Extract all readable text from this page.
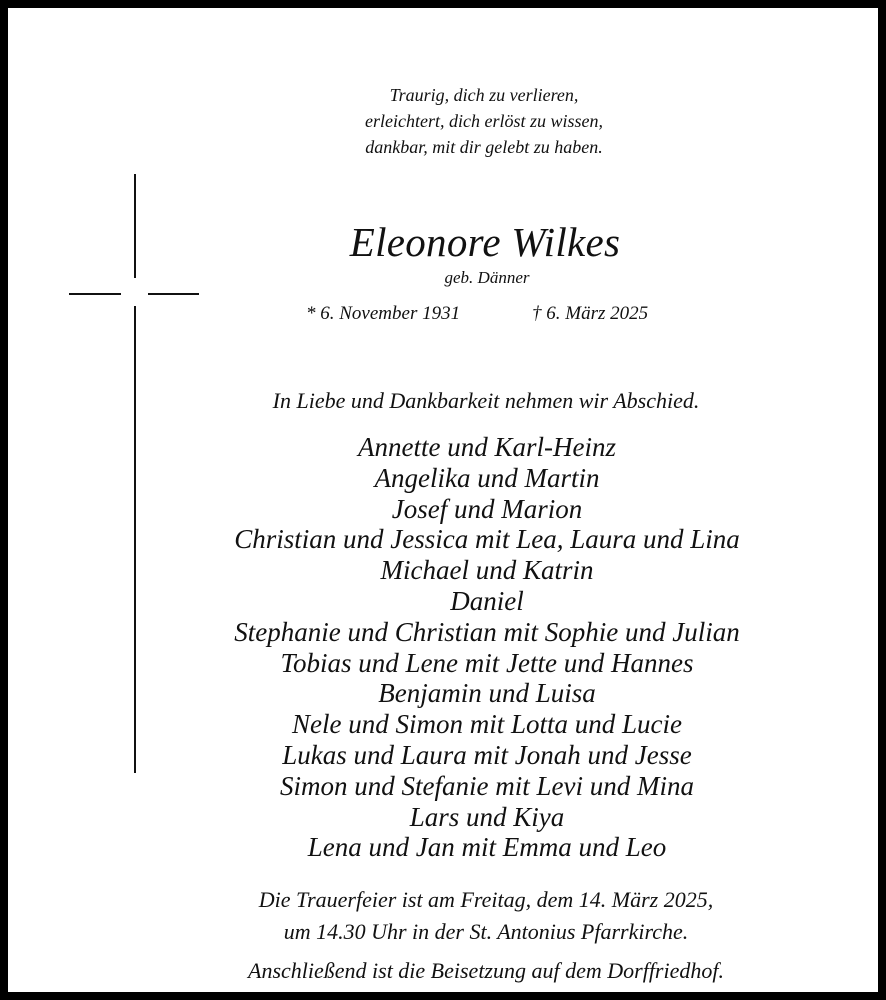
Traurig, dich zu verlieren,
erleichtert, dich erlöst zu wissen,
dankbar, mit dir gelebt zu haben.
Eleonore Wilkes
geb. Dänner
* 6. November 1931	† 6. März 2025
In Liebe und Dankbarkeit nehmen wir Abschied.
Annette und Karl-Heinz
Angelika und Martin
Josef und Marion
Christian und Jessica mit Lea, Laura und Lina
Michael und Katrin
Daniel
Stephanie und Christian mit Sophie und Julian
Tobias und Lene mit Jette und Hannes
Benjamin und Luisa
Nele und Simon mit Lotta und Lucie
Lukas und Laura mit Jonah und Jesse
Simon und Stefanie mit Levi und Mina
Lars und Kiya
Lena und Jan mit Emma und Leo
Die Trauerfeier ist am Freitag, dem 14. März 2025,
um 14.30 Uhr in der St. Antonius Pfarrkirche.
Anschließend ist die Beisetzung auf dem Dorffriedhof.
